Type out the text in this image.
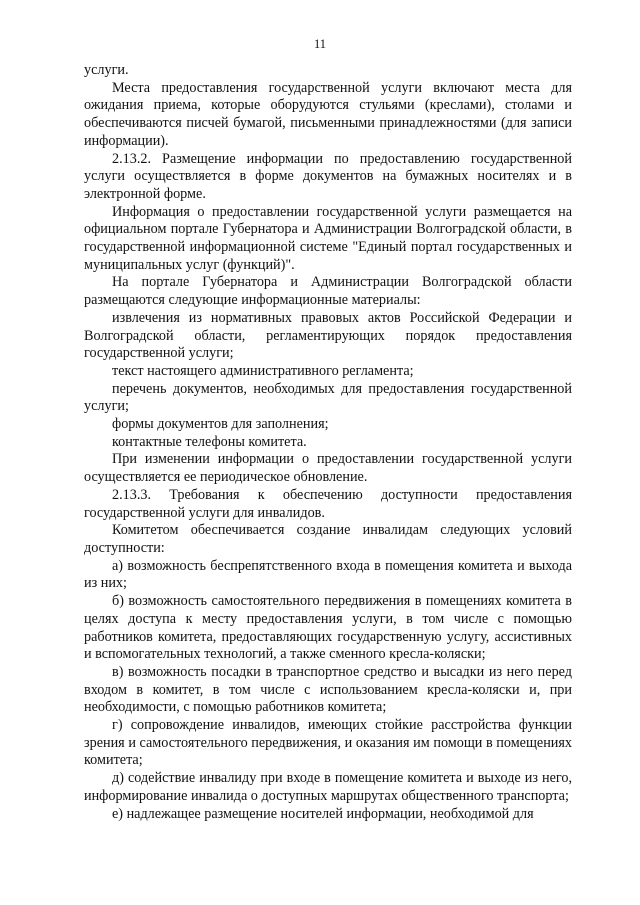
11

услуги.

Места предоставления государственной услуги включают места для ожидания приема, которые оборудуются стульями (креслами), столами и обеспечиваются писчей бумагой, письменными принадлежностями (для записи информации).

2.13.2. Размещение информации по предоставлению государственной услуги осуществляется в форме документов на бумажных носителях и в электронной форме.

Информация о предоставлении государственной услуги размещается на официальном портале Губернатора и Администрации Волгоградской области, в государственной информационной системе "Единый портал государственных и муниципальных услуг (функций)".

На портале Губернатора и Администрации Волгоградской области размещаются следующие информационные материалы:

извлечения из нормативных правовых актов Российской Федерации и Волгоградской области, регламентирующих порядок предоставления государственной услуги;

текст настоящего административного регламента;

перечень документов, необходимых для предоставления государственной услуги;

формы документов для заполнения;

контактные телефоны комитета.

При изменении информации о предоставлении государственной услуги осуществляется ее периодическое обновление.

2.13.3. Требования к обеспечению доступности предоставления государственной услуги для инвалидов.

Комитетом обеспечивается создание инвалидам следующих условий доступности:

а) возможность беспрепятственного входа в помещения комитета и выхода из них;

б) возможность самостоятельного передвижения в помещениях комитета в целях доступа к месту предоставления услуги, в том числе с помощью работников комитета, предоставляющих государственную услугу, ассистивных и вспомогательных технологий, а также сменного кресла-коляски;

в) возможность посадки в транспортное средство и высадки из него перед входом в комитет, в том числе с использованием кресла-коляски и, при необходимости, с помощью работников комитета;

г) сопровождение инвалидов, имеющих стойкие расстройства функции зрения и самостоятельного передвижения, и оказания им помощи в помещениях комитета;

д) содействие инвалиду при входе в помещение комитета и выходе из него, информирование инвалида о доступных маршрутах общественного транспорта;

е) надлежащее размещение носителей информации, необходимой для
